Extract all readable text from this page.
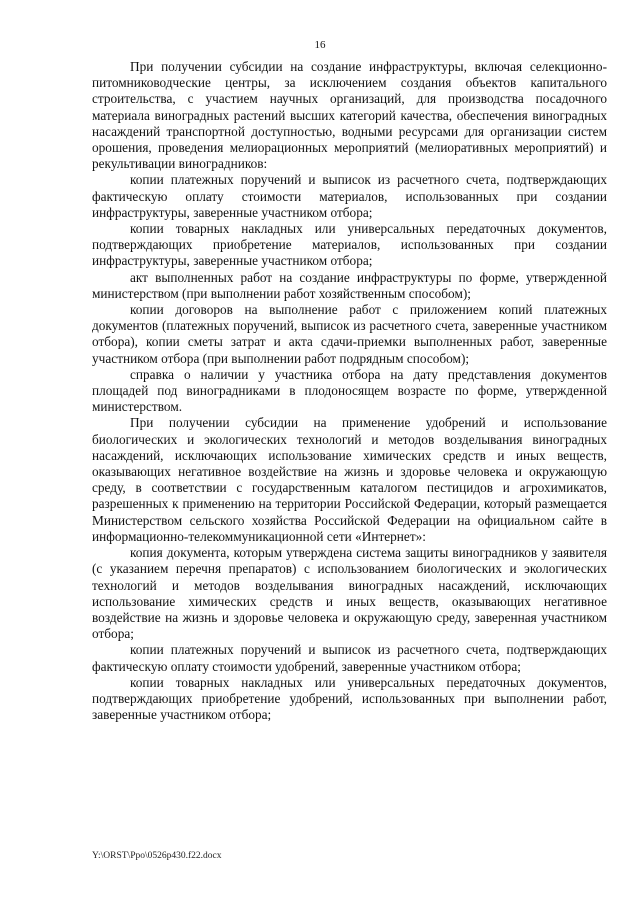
16

При получении субсидии на создание инфраструктуры, включая селекционно-питомниководческие центры, за исключением создания объектов капитального строительства, с участием научных организаций, для производства посадочного материала виноградных растений высших категорий качества, обеспечения виноградных насаждений транспортной доступностью, водными ресурсами для организации систем орошения, проведения мелиорационных мероприятий (мелиоративных мероприятий) и рекультивации виноградников:

копии платежных поручений и выписок из расчетного счета, подтверждающих фактическую оплату стоимости материалов, использованных при создании инфраструктуры, заверенные участником отбора;

копии товарных накладных или универсальных передаточных документов, подтверждающих приобретение материалов, использованных при создании инфраструктуры, заверенные участником отбора;

акт выполненных работ на создание инфраструктуры по форме, утвержденной министерством (при выполнении работ хозяйственным способом);

копии договоров на выполнение работ с приложением копий платежных документов (платежных поручений, выписок из расчетного счета, заверенные участником отбора), копии сметы затрат и акта сдачи-приемки выполненных работ, заверенные участником отбора (при выполнении работ подрядным способом);

справка о наличии у участника отбора на дату представления документов площадей под виноградниками в плодоносящем возрасте по форме, утвержденной министерством.

При получении субсидии на применение удобрений и использование биологических и экологических технологий и методов возделывания виноградных насаждений, исключающих использование химических средств и иных веществ, оказывающих негативное воздействие на жизнь и здоровье человека и окружающую среду, в соответствии с государственным каталогом пестицидов и агрохимикатов, разрешенных к применению на территории Российской Федерации, который размещается Министерством сельского хозяйства Российской Федерации на официальном сайте в информационно-телекоммуникационной сети «Интернет»:

копия документа, которым утверждена система защиты виноградников у заявителя (с указанием перечня препаратов) с использованием биологических и экологических технологий и методов возделывания виноградных насаждений, исключающих использование химических средств и иных веществ, оказывающих негативное воздействие на жизнь и здоровье человека и окружающую среду, заверенная участником отбора;

копии платежных поручений и выписок из расчетного счета, подтверждающих фактическую оплату стоимости удобрений, заверенные участником отбора;

копии товарных накладных или универсальных передаточных документов, подтверждающих приобретение удобрений, использованных при выполнении работ, заверенные участником отбора;

Y:\ORST\Ppo\0526p430.f22.docx
